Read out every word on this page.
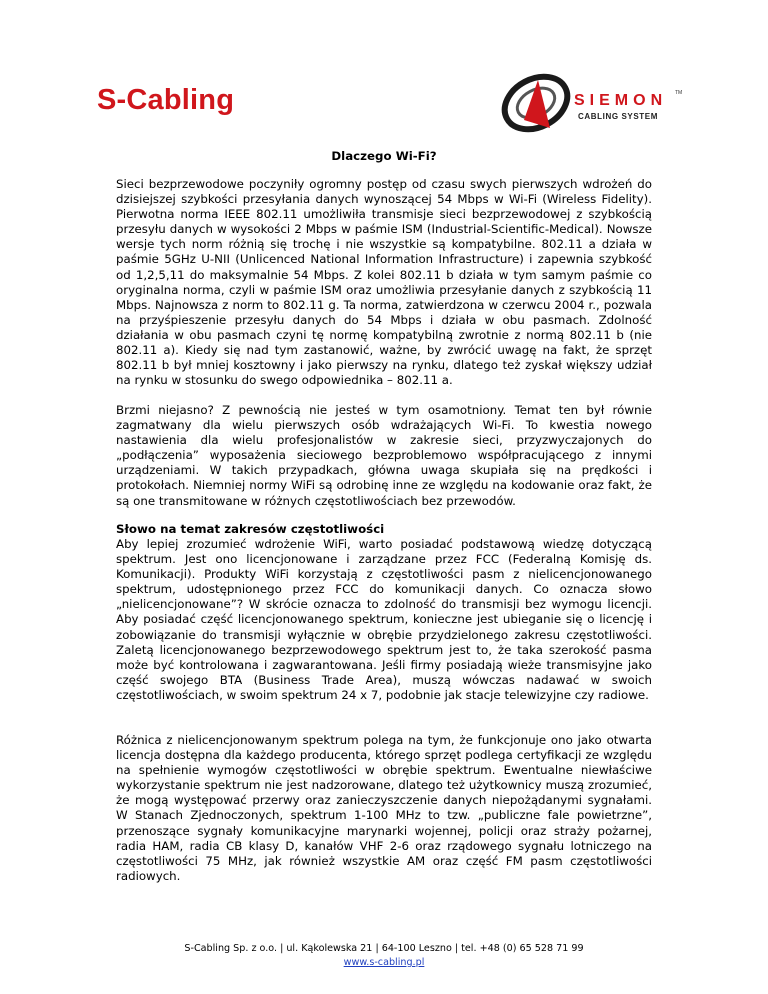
S-Cabling	SIEMON TM
CABLING SYSTEM
Dlaczego Wi-Fi?

Sieci bezprzewodowe poczyniły ogromny postęp od czasu swych pierwszych wdrożeń do dzisiejszej szybkości przesyłania danych wynoszącej 54 Mbps w Wi-Fi (Wireless Fidelity). Pierwotna norma IEEE 802.11 umożliwiła transmisje sieci bezprzewodowej z szybkością przesyłu danych w wysokości 2 Mbps w paśmie ISM (Industrial-Scientific-Medical). Nowsze wersje tych norm różnią się trochę i nie wszystkie są kompatybilne. 802.11 a działa w paśmie 5GHz U-NII (Unlicenced National Information Infrastructure) i zapewnia szybkość od 1,2,5,11 do maksymalnie 54 Mbps. Z kolei 802.11 b działa w tym samym paśmie co oryginalna norma, czyli w paśmie ISM oraz umożliwia przesyłanie danych z szybkością 11 Mbps. Najnowsza z norm to 802.11 g. Ta norma, zatwierdzona w czerwcu 2004 r., pozwala na przyśpieszenie przesyłu danych do 54 Mbps i działa w obu pasmach. Zdolność działania w obu pasmach czyni tę normę kompatybilną zwrotnie z normą 802.11 b (nie 802.11 a). Kiedy się nad tym zastanowić, ważne, by zwrócić uwagę na fakt, że sprzęt 802.11 b był mniej kosztowny i jako pierwszy na rynku, dlatego też zyskał większy udział na rynku w stosunku do swego odpowiednika – 802.11 a.

Brzmi niejasno? Z pewnością nie jesteś w tym osamotniony. Temat ten był równie zagmatwany dla wielu pierwszych osób wdrażających Wi-Fi. To kwestia nowego nastawienia dla wielu profesjonalistów w zakresie sieci, przyzwyczajonych do „podłączenia” wyposażenia sieciowego bezproblemowo współpracującego z innymi urządzeniami. W takich przypadkach, główna uwaga skupiała się na prędkości i protokołach. Niemniej normy WiFi są odrobinę inne ze względu na kodowanie oraz fakt, że są one transmitowane w różnych częstotliwościach bez przewodów.

Słowo na temat zakresów częstotliwości

Aby lepiej zrozumieć wdrożenie WiFi, warto posiadać podstawową wiedzę dotyczącą spektrum. Jest ono licencjonowane i zarządzane przez FCC (Federalną Komisję ds. Komunikacji). Produkty WiFi korzystają z częstotliwości pasm z nielicencjonowanego spektrum, udostępnionego przez FCC do komunikacji danych. Co oznacza słowo „nielicencjonowane”? W skrócie oznacza to zdolność do transmisji bez wymogu licencji. Aby posiadać część licencjonowanego spektrum, konieczne jest ubieganie się o licencję i zobowiązanie do transmisji wyłącznie w obrębie przydzielonego zakresu częstotliwości. Zaletą licencjonowanego bezprzewodowego spektrum jest to, że taka szerokość pasma może być kontrolowana i zagwarantowana. Jeśli firmy posiadają wieże transmisyjne jako część swojego BTA (Business Trade Area), muszą wówczas nadawać w swoich częstotliwościach, w swoim spektrum 24 x 7, podobnie jak stacje telewizyjne czy radiowe.

Różnica z nielicencjonowanym spektrum polega na tym, że funkcjonuje ono jako otwarta licencja dostępna dla każdego producenta, którego sprzęt podlega certyfikacji ze względu na spełnienie wymogów częstotliwości w obrębie spektrum. Ewentualne niewłaściwe wykorzystanie spektrum nie jest nadzorowane, dlatego też użytkownicy muszą zrozumieć, że mogą występować przerwy oraz zanieczyszczenie danych niepożądanymi sygnałami. W Stanach Zjednoczonych, spektrum 1-100 MHz to tzw. „publiczne fale powietrzne”, przenoszące sygnały komunikacyjne marynarki wojennej, policji oraz straży pożarnej, radia HAM, radia CB klasy D, kanałów VHF 2-6 oraz rządowego sygnału lotniczego na częstotliwości 75 MHz, jak również wszystkie AM oraz część FM pasm częstotliwości radiowych.

S-Cabling Sp. z o.o. | ul. Kąkolewska 21 | 64-100 Leszno | tel. +48 (0) 65 528 71 99
www.s-cabling.pl
